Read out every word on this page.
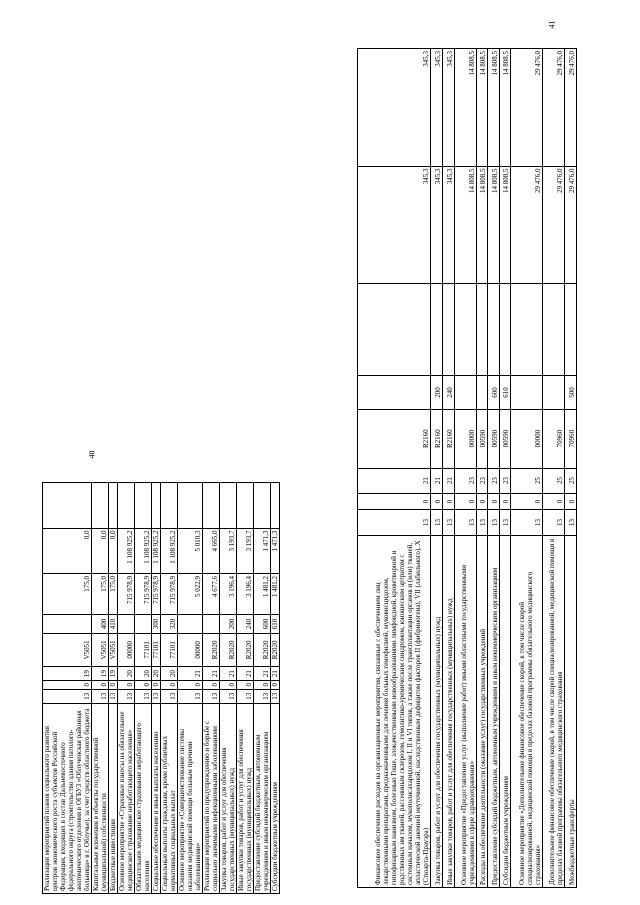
40
Реализация мероприятий планов социального развития центров экономического роста субъектов Российской Федерации, входящих в состав Дальневосточного федерального округа (строительство здания патолого-анатомического отделения в ОГБУЗ «Облученская районная больница» в г. Облучье), за счет средств областного бюджета	13	0	19	V5051		175,0	0,0	
Капитальные вложения в объекты государственной (муниципальной) собственности	13	0	19	V5051	400	175,0	0,0	
Бюджетные инвестиции	13	0	19	V5051	410	175,0	0,0	
Основное мероприятие «Страховые взносы на обязательное медицинское страхование неработающего населения»	13	0	20	00000		715 978,9	1 108 925,2	
Обязательное медицинское страхование неработающего населения	13	0	20	77101		715 978,9	1 108 925,2	
Социальное обеспечение и иные выплаты населению	13	0	20	77101	300	715 978,9	1 108 925,2	
Социальные выплаты гражданам, кроме публичных нормативных социальных выплат	13	0	20	77101	320	715 978,9	1 108 925,2	
Основное мероприятие «Совершенствование системы оказания медицинской помощи больным прочими заболеваниями»	13	0	21	00000		5 022,9	5 010,3	
Реализация мероприятий по предупреждению и борьбе с социально значимыми инфекционными заболеваниями	13	0	21	R2020		4 677,6	4 665,0	
Закупка товаров, работ и услуг для обеспечения государственных (муниципальных) нужд	13	0	21	R2020	200	3 196,4	3 193,7	
Иные закупки товаров, работ и услуг для обеспечения государственных (муниципальных) нужд	13	0	21	R2020	240	3 196,4	3 193,7	
Предоставление субсидий бюджетным, автономным учреждениям и иным некоммерческим организациям	13	0	21	R2020	600	1 481,2	1 471,3	
Субсидии бюджетным учреждениям	13	0	21	R2020	610	1 481,2	1 471,3	
41
Финансовое обеспечение расходов на организационные мероприятия, связанные с обеспечением лиц лекарственными препаратами, предназначенными для лечения больных гемофилией, муковисцидозом, гипофизарным нанизмом, болезнью Гоше, злокачественными новообразованиями лимфоидной, кроветворной и родственных им тканей, рассеянным склерозом, гемолитико-уремическим синдромом, юношеским артритом с системным началом, мукополисахаридозом I, II и VI типов, а также после трансплантации органов и (или) тканей, апластической анемией неуточненной, наследственным дефицитом факторов II (фибриногена), VII (лабильного), X (Стюарта-Прауэра)	13	0	21	R2160			345,3	345,3
Закупка товаров, работ и услуг для обеспечения государственных (муниципальных) нужд	13	0	21	R2160	200		345,3	345,3
Иные закупки товаров, работ и услуг для обеспечения государственных (муниципальных) нужд	13	0	21	R2160	240		345,3	345,3
Основное мероприятие «Предоставление услуг (выполнение работ) иными областными государственными учреждениями в сфере здравоохранения»	13	0	23	00000			14 808,5	14 808,5
Расходы на обеспечение деятельности (оказание услуг) государственных учреждений	13	0	23	00590			14 808,5	14 808,5
Предоставление субсидий бюджетным, автономным учреждениям и иным некоммерческим организациям	13	0	23	00590	600		14 808,5	14 808,5
Субсидии бюджетным учреждениям	13	0	23	00590	610		14 808,5	14 808,5
Основное мероприятие «Дополнительное финансовое обеспечение скорой, в том числе скорой специализированной, медицинской помощи в пределах базовой программы обязательного медицинского страхования»	13	0	25	00000			29 476,0	29 476,0
Дополнительное финансовое обеспечение скорой, в том числе скорой специализированной, медицинской помощи в пределах базовой программы обязательного медицинского страхования	13	0	25	70960			29 476,0	29 476,0
Межбюджетные трансферты	13	0	25	70960	500		29 476,0	29 476,0
